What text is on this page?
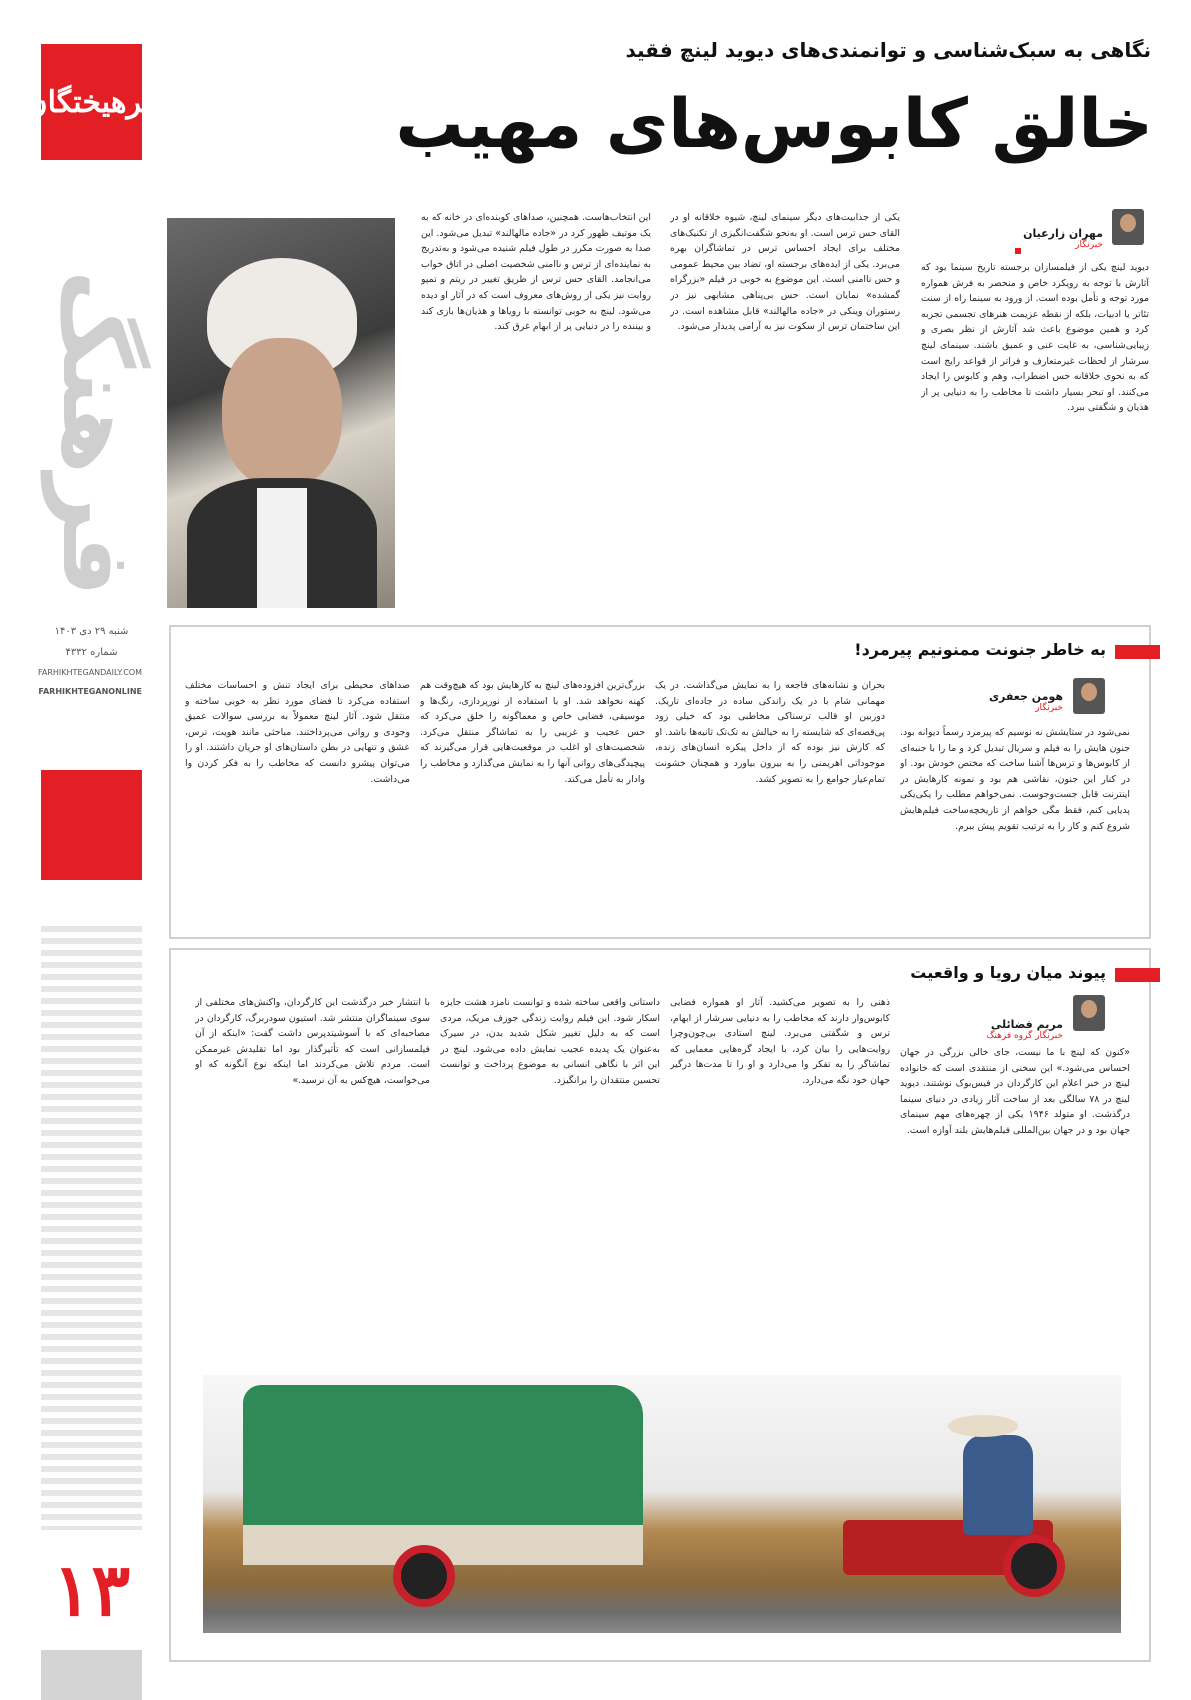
فرهیختگان
فرهنگ
نگاهی به سبک‌شناسی و توانمندی‌های دیوید لینچ فقید
خالق کابوس‌های مهیب
مهران زارعیان
خبرنگار
دیوید لینچ یکی از فیلمسازان برجسته تاریخ سینما بود که آثارش با توجه به رویکرد خاص و منحصر به فرش همواره مورد توجه و تأمل بوده است. از ورود به سینما راه از سنت تئاتر یا ادبیات، بلکه از نقطه عزیمت هنرهای تجسمی تجربه کرد و همین موضوع باعث شد آثارش از نظر بصری و زیبایی‌شناسی، به غایت غنی و عمیق باشند. سینمای لینچ سرشار از لحظات غیرمتعارف و فراتر از قواعد رایج است که به نحوی خلاقانه حس اضطراب، وهم و کابوس را ایجاد می‌کنند. او تبحر بسیار داشت تا مخاطب را به دنیایی پر از هذیان و شگفتی ببرد.
یکی از جذابیت‌های دیگر سینمای لینچ، شیوه خلاقانه او در القای حس ترس است. او به‌نحو شگفت‌انگیزی از تکنیک‌های مختلف برای ایجاد احساس ترس در تماشاگران بهره می‌برد. یکی از ایده‌های برجسته او، تضاد بین محیط عمومی و حس ناامنی است. این موضوع به خوبی در فیلم «بزرگراه گمشده» نمایان است. حس بی‌پناهی مشابهی نیز در رستوران وینکی در «جاده مالهالند» قابل مشاهده است. در این ساختمان ترس از سکوت نیز به آرامی پدیدار می‌شود.
این انتخاب‌هاست. همچنین، صداهای کوبنده‌ای در خانه که به یک موتیف ظهور کرد در «جاده مالهالند» تبدیل می‌شود. این صدا به صورت مکرر در طول فیلم شنیده می‌شود و به‌تدریج به نماینده‌ای از ترس و ناامنی شخصیت اصلی در اتاق خواب می‌انجامد. القای حس ترس از طریق تغییر در ریتم و تمپو روایت نیز یکی از روش‌های معروف است که در آثار او دیده می‌شود. لینچ به خوبی توانسته با رویاها و هذیان‌ها بازی کند و بیننده را در دنیایی پر از ابهام غرق کند.
شنبه ۲۹ دی ۱۴۰۳
شماره ۴۳۳۲
FARHIKHTEGANDAILY.COM
FARHIKHTEGANONLINE
۱۳
به خاطر جنونت ممنونیم پیرمرد!
هومن جعفری
خبرنگار
نمی‌شود در ستایشش نه نوسیم که پیرمرد رسماً دیوانه بود. جنون هایش را به فیلم و سریال تبدیل کرد و ما را با جنبه‌ای از کابوس‌ها و ترس‌ها آشنا ساخت که مختص خودش بود. او در کنار این جنون، نقاشی هم بود و نمونه کارهایش در اینترنت قابل جست‌وجوست. نمی‌خواهم مطلب را یکی‌یکی پدیایی کنم، فقط مگی خواهم از تاریخچه‌ساخت فیلم‌هایش شروع کنم و کار را به ترتیب تقویم پیش ببرم.
بحران و نشانه‌های فاجعه را به نمایش می‌گذاشت. در یک مهمانی شام با در یک راندکی ساده در جاده‌ای تاریک. دوربین او قالب ترسناکی مخاطبی بود که خیلی زود پی‌قصه‌ای که شایسته را به خیالش به تک‌تک ثانیه‌ها باشد. او که کارش نیز بوده که از داخل پیکره انسان‌های زنده، موجوداتی اهریمنی را به بیرون بیاورد و همچنان خشونت تمام‌عیار جوامع را به تصویر کشد.
بزرگ‌ترین افزوده‌های لینچ به کارهایش بود که هیچ‌وقت هم کهنه نخواهد شد. او با استفاده از نورپردازی، رنگ‌ها و موسیقی، فضایی خاص و معماگونه را خلق می‌کرد که حس عجیب و غریبی را به تماشاگر منتقل می‌کرد. شخصیت‌های او اغلب در موقعیت‌هایی قرار می‌گیرند که پیچیدگی‌های روانی آنها را به نمایش می‌گذارد و مخاطب را وادار به تأمل می‌کند.
صداهای محیطی برای ایجاد تنش و احساسات مختلف استفاده می‌کرد تا فضای مورد نظر به خوبی ساخته و منتقل شود. آثار لینچ معمولاً به بررسی سوالات عمیق وجودی و روانی می‌پرداختند. مباحثی مانند هویت، ترس، عشق و تنهایی در بطن داستان‌های او جریان داشتند. او را می‌توان پیشرو دانست که مخاطب را به فکر کردن وا می‌داشت.
پیوند میان رویا و واقعیت
مریم فضائلی
خبرنگار گروه فرهنگ
«کنون که لینچ با ما نیست، جای خالی بزرگی در جهان احساس می‌شود.» این سخنی از منتقدی است که خانواده لینچ در خبر اعلام این کارگردان در فیس‌بوک نوشتند. دیوید لینچ در ۷۸ سالگی بعد از ساخت آثار زیادی در دنیای سینما درگذشت. او متولد ۱۹۴۶ یکی از چهره‌های مهم سینمای جهان بود و در جهان بین‌المللی فیلم‌هایش بلند آوازه است.
ذهنی را به تصویر می‌کشید. آثار او همواره فضایی کابوس‌وار دارند که مخاطب را به دنیایی سرشار از ابهام، ترس و شگفتی می‌برد. لینچ استادی بی‌چون‌وچرا روایت‌هایی را بیان کرد، با ایجاد گره‌هایی معمایی که تماشاگر را به تفکر وا می‌دارد و او را تا مدت‌ها درگیر جهان خود نگه می‌دارد.
داستانی واقعی ساخته شده و توانست نامزد هشت جایزه اسکار شود. این فیلم روایت زندگی جوزف مریک، مردی است که به دلیل تغییر شکل شدید بدن، در سیرک به‌عنوان یک پدیده عجیب نمایش داده می‌شود. لینچ در این اثر با نگاهی انسانی به موضوع پرداخت و توانست تحسین منتقدان را برانگیزد.
با انتشار خبر درگذشت این کارگردان، واکنش‌های مختلفی از سوی سینماگران منتشر شد. استیون سودربرگ، کارگردان در مصاحبه‌ای که با آسوشیتدپرس داشت گفت: «اینکه از آن فیلمسازانی است که تأثیرگذار بود اما تقلیدش غیرممکن است. مردم تلاش می‌کردند اما اینکه نوع آنگونه که او می‌خواست، هیچ‌کس به آن نرسید.»
